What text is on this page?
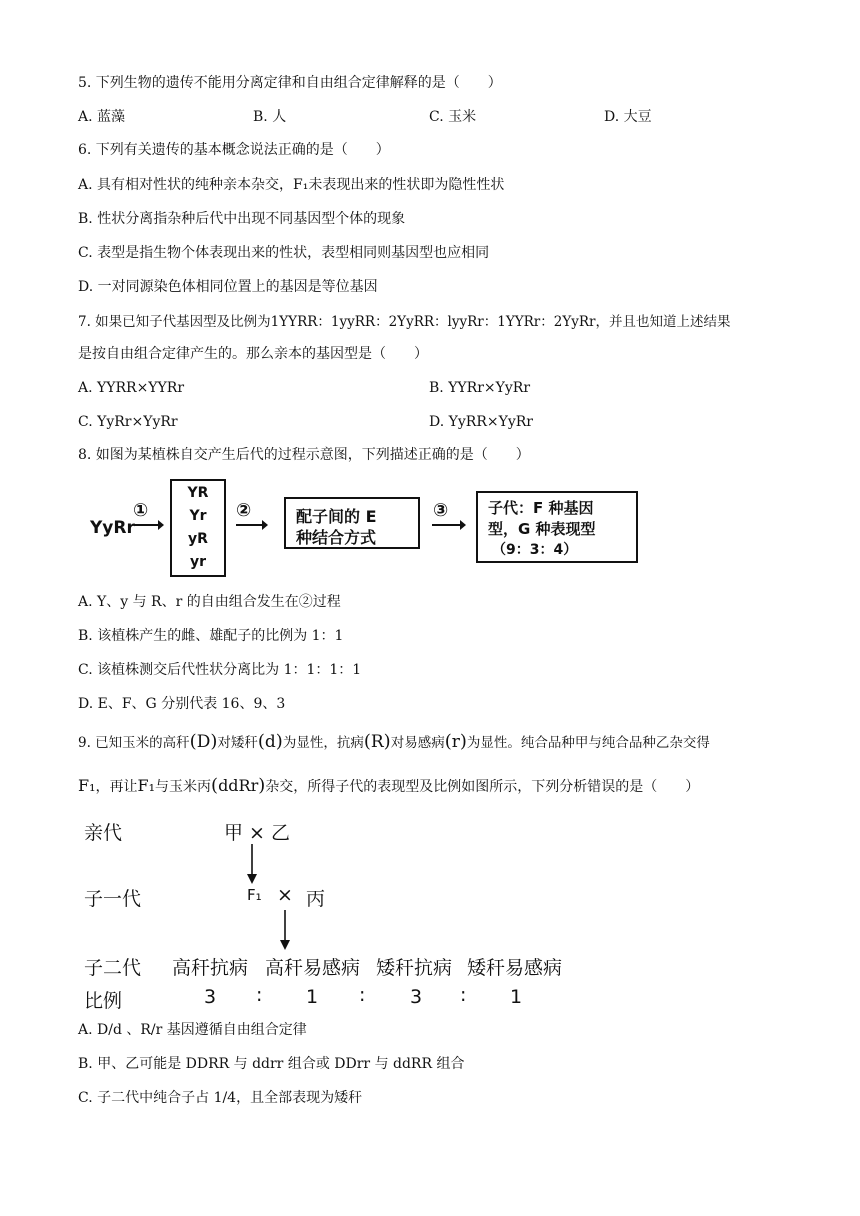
5. 下列生物的遗传不能用分离定律和自由组合定律解释的是（　　）
A. 蓝藻	B. 人	C. 玉米	D. 大豆
6. 下列有关遗传的基本概念说法正确的是（　　）
A. 具有相对性状的纯种亲本杂交，F₁未表现出来的性状即为隐性性状
B. 性状分离指杂种后代中出现不同基因型个体的现象
C. 表型是指生物个体表现出来的性状，表型相同则基因型也应相同
D. 一对同源染色体相同位置上的基因是等位基因
7. 如果已知子代基因型及比例为1YYRR：1yyRR：2YyRR：lyyRr：1YYRr：2YyRr，并且也知道上述结果
是按自由组合定律产生的。那么亲本的基因型是（　　）
A. YYRR×YYRr	B. YYRr×YyRr
C. YyRr×YyRr	D. YyRR×YyRr
8. 如图为某植株自交产生后代的过程示意图，下列描述正确的是（　　）
YyRr
①
YR
Yr
yR
yr
②	配子间的 E
种结合方式
③	子代：F 种基因
型，G 种表现型
（9：3：4）
A. Y、y 与 R、r 的自由组合发生在②过程
B. 该植株产生的雌、雄配子的比例为 1：1
C. 该植株测交后代性状分离比为 1：1：1：1
D. E、F、G 分别代表 16、9、3
9. 已知玉米的高秆(D)对矮秆(d)为显性，抗病(R)对易感病(r)为显性。纯合品种甲与纯合品种乙杂交得
F₁，再让F₁与玉米丙(ddRr)杂交，所得子代的表现型及比例如图所示，下列分析错误的是（　　）
亲代	甲 × 乙
子一代	F₁ × 丙
子二代 高秆抗病 高秆易感病 矮秆抗病 矮秆易感病
比例	3 : 1 : 3 : 1
A. D/d 、R/r 基因遵循自由组合定律
B. 甲、乙可能是 DDRR 与 ddrr 组合或 DDrr 与 ddRR 组合
C. 子二代中纯合子占 1/4，且全部表现为矮秆
